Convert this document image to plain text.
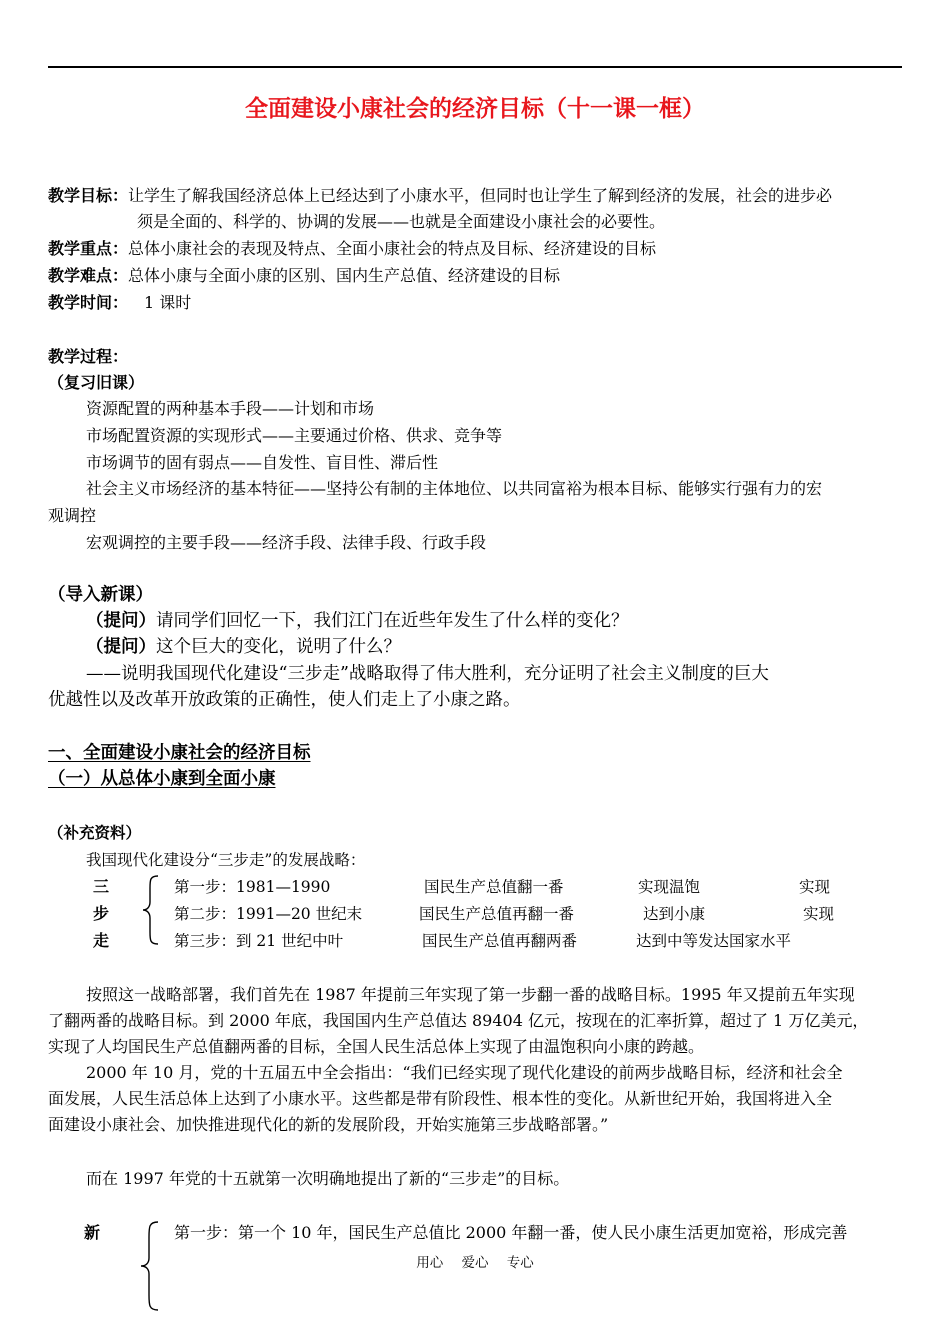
全面建设小康社会的经济目标（十一课一框）
教学目标：让学生了解我国经济总体上已经达到了小康水平，但同时也让学生了解到经济的发展，社会的进步必
须是全面的、科学的、协调的发展——也就是全面建设小康社会的必要性。
教学重点：总体小康社会的表现及特点、全面小康社会的特点及目标、经济建设的目标
教学难点：总体小康与全面小康的区别、国内生产总值、经济建设的目标
教学时间： 1 课时
教学过程：
（复习旧课）
资源配置的两种基本手段——计划和市场
市场配置资源的实现形式——主要通过价格、供求、竞争等
市场调节的固有弱点——自发性、盲目性、滞后性
社会主义市场经济的基本特征——坚持公有制的主体地位、以共同富裕为根本目标、能够实行强有力的宏
观调控
宏观调控的主要手段——经济手段、法律手段、行政手段
（导入新课）
（提问）请同学们回忆一下，我们江门在近些年发生了什么样的变化？
（提问）这个巨大的变化，说明了什么？
——说明我国现代化建设“三步走”战略取得了伟大胜利，充分证明了社会主义制度的巨大
优越性以及改革开放政策的正确性，使人们走上了小康之路。
一、全面建设小康社会的经济目标
（一）从总体小康到全面小康
（补充资料）
我国现代化建设分“三步走”的发展战略：
三
步
走
第一步：1981—1990	国民生产总值翻一番	实现温饱	实现
第二步：1991—20 世纪末	国民生产总值再翻一番	达到小康	实现
第三步：到 21 世纪中叶	国民生产总值再翻两番	达到中等发达国家水平
按照这一战略部署，我们首先在 1987 年提前三年实现了第一步翻一番的战略目标。1995 年又提前五年实现
了翻两番的战略目标。到 2000 年底，我国国内生产总值达 89404 亿元，按现在的汇率折算，超过了 1 万亿美元，
实现了人均国民生产总值翻两番的目标，全国人民生活总体上实现了由温饱积向小康的跨越。
2000 年 10 月，党的十五届五中全会指出：“我们已经实现了现代化建设的前两步战略目标，经济和社会全
面发展，人民生活总体上达到了小康水平。这些都是带有阶段性、根本性的变化。从新世纪开始，我国将进入全
面建设小康社会、加快推进现代化的新的发展阶段，开始实施第三步战略部署。”
而在 1997 年党的十五就第一次明确地提出了新的“三步走”的目标。
新	第一步：第一个 10 年，国民生产总值比 2000 年翻一番，使人民小康生活更加宽裕，形成完善
用心 爱心 专心
